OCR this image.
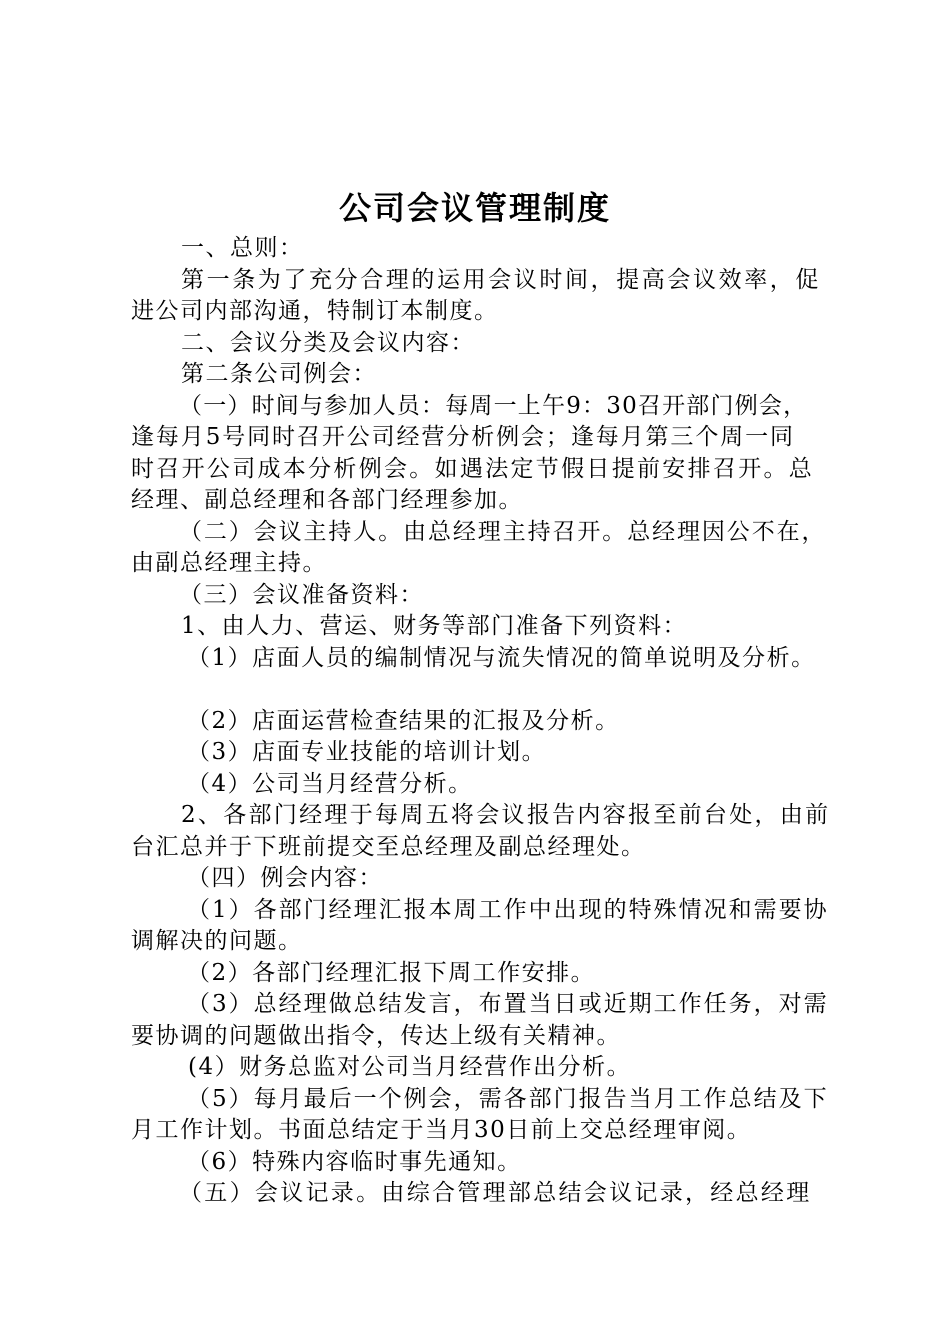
公司会议管理制度
一、总则：
第一条为了充分合理的运用会议时间，提高会议效率，促
进公司内部沟通，特制订本制度。
二、会议分类及会议内容：
第二条公司例会：
（一）时间与参加人员：每周一上午9：30召开部门例会，
逢每月5号同时召开公司经营分析例会；逢每月第三个周一同
时召开公司成本分析例会。如遇法定节假日提前安排召开。总
经理、副总经理和各部门经理参加。
（二）会议主持人。由总经理主持召开。总经理因公不在，
由副总经理主持。
（三）会议准备资料：
1、由人力、营运、财务等部门准备下列资料：
（1）店面人员的编制情况与流失情况的简单说明及分析。
（2）店面运营检查结果的汇报及分析。
（3）店面专业技能的培训计划。
（4）公司当月经营分析。
2、各部门经理于每周五将会议报告内容报至前台处，由前
台汇总并于下班前提交至总经理及副总经理处。
（四）例会内容：
（1）各部门经理汇报本周工作中出现的特殊情况和需要协
调解决的问题。
（2）各部门经理汇报下周工作安排。
（3）总经理做总结发言，布置当日或近期工作任务，对需
要协调的问题做出指令，传达上级有关精神。
(4）财务总监对公司当月经营作出分析。
（5）每月最后一个例会，需各部门报告当月工作总结及下
月工作计划。书面总结定于当月30日前上交总经理审阅。
（6）特殊内容临时事先通知。
（五）会议记录。由综合管理部总结会议记录，经总经理
